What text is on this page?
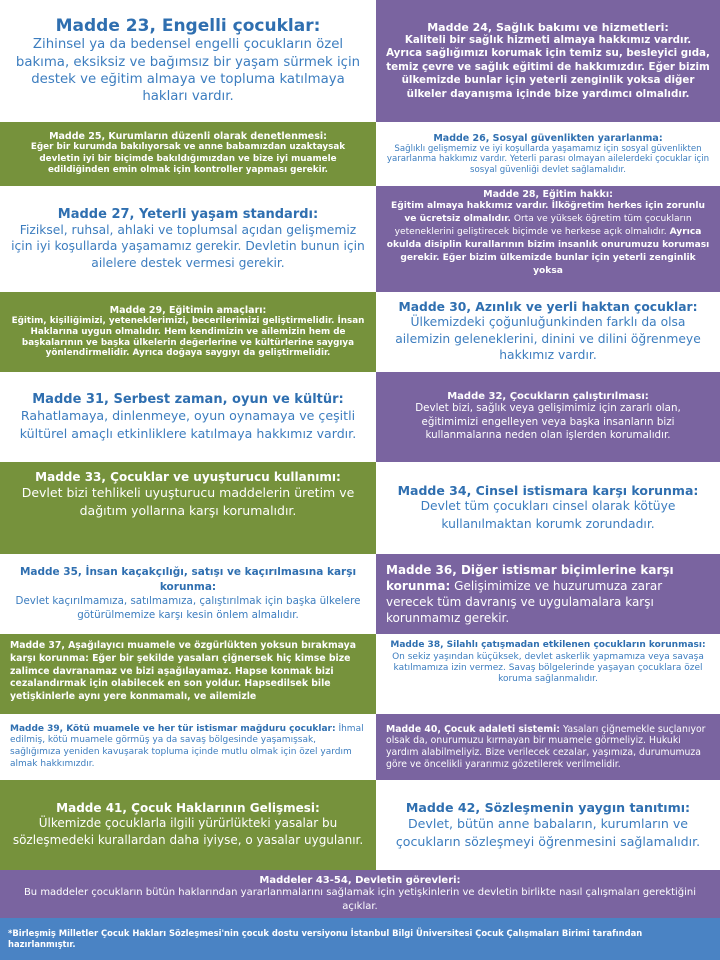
Madde 23, Engelli çocuklar:

Zihinsel ya da bedensel engelli çocukların özel bakıma, eksiksiz ve bağımsız bir yaşam sürmek için destek ve eğitim almaya ve topluma katılmaya hakları vardır.

Madde 24, Sağlık bakımı ve hizmetleri:

Kaliteli bir sağlık hizmeti almaya hakkımız vardır. Ayrıca sağlığımızı korumak için temiz su, besleyici gıda, temiz çevre ve sağlık eğitimi de hakkımızdır. Eğer bizim ülkemizde bunlar için yeterli zenginlik yoksa diğer ülkeler dayanışma içinde bize yardımcı olmalıdır.

Madde 25, Kurumların düzenli olarak denetlenmesi:

Eğer bir kurumda bakılıyorsak ve anne babamızdan uzaktaysak devletin iyi bir biçimde bakıldığımızdan ve bize iyi muamele edildiğinden emin olmak için kontroller yapması gerekir.

Madde 26, Sosyal güvenlikten yararlanma:

Sağlıklı gelişmemiz ve iyi koşullarda yaşamamız için sosyal güvenlikten yararlanma hakkımız vardır. Yeterli parası olmayan ailelerdeki çocuklar için sosyal güvenliği devlet sağlamalıdır.

Madde 27, Yeterli yaşam standardı:

Fiziksel, ruhsal, ahlaki ve toplumsal açıdan gelişmemiz için iyi koşullarda yaşamamız gerekir. Devletin bunun için ailelere destek vermesi gerekir.

Madde 28, Eğitim hakkı:

Eğitim almaya hakkımız vardır. İlköğretim herkes için zorunlu ve ücretsiz olmalıdır. Orta ve yüksek öğretim tüm çocukların yeteneklerini geliştirecek biçimde ve herkese açık olmalıdır. Ayrıca okulda disiplin kurallarının bizim insanlık onurumuzu koruması gerekir. Eğer bizim ülkemizde bunlar için yeterli zenginlik yoksa

Madde 29, Eğitimin amaçları:

Eğitim, kişiliğimizi, yeteneklerimizi, becerilerimizi geliştirmelidir. İnsan Haklarına uygun olmalıdır. Hem kendimizin ve ailemizin hem de başkalarının ve başka ülkelerin değerlerine ve kültürlerine saygıya yönlendirmelidir. Ayrıca doğaya saygıyı da geliştirmelidir.

Madde 30, Azınlık ve yerli haktan çocuklar:

Ülkemizdeki çoğunluğunkinden farklı da olsa ailemizin geleneklerini, dinini ve dilini öğrenmeye hakkımız vardır.

Madde 31, Serbest zaman, oyun ve kültür:

Rahatlamaya, dinlenmeye, oyun oynamaya ve çeşitli kültürel amaçlı etkinliklere katılmaya hakkımız vardır.

Madde 32, Çocukların çalıştırılması:

Devlet bizi, sağlık veya gelişimimiz için zararlı olan, eğitimimizi engelleyen veya başka insanların bizi kullanmalarına neden olan işlerden korumalıdır.

Madde 33, Çocuklar ve uyuşturucu kullanımı:

Devlet bizi tehlikeli uyuşturucu maddelerin üretim ve dağıtım yollarına karşı korumalıdır.

Madde 34, Cinsel istismara karşı korunma:

Devlet tüm çocukları cinsel olarak kötüye kullanılmaktan korumk zorundadır.

Madde 35, İnsan kaçakçılığı, satışı ve kaçırılmasına karşı korunma:

Devlet kaçırılmamıza, satılmamıza, çalıştırılmak için başka ülkelere götürülmemize karşı kesin önlem almalıdır.

Madde 36, Diğer istismar biçimlerine karşı korunma: Gelişimimize ve huzurumuza zarar verecek tüm davranış ve uygulamalara karşı korunmamız gerekir.

Madde 37, Aşağılayıcı muamele ve özgürlükten yoksun bırakmaya karşı korunma: Eğer bir şekilde yasaları çiğnersek hiç kimse bize zalimce davranamaz ve bizi aşağılayamaz. Hapse konmak bizi cezalandırmak için olabilecek en son yoldur. Hapsedilsek bile yetişkinlerle aynı yere konmamalı, ve ailemizle

Madde 38, Silahlı çatışmadan etkilenen çocukların korunması:

On sekiz yaşından küçüksek, devlet askerlik yapmamıza veya savaşa katılmamıza izin vermez. Savaş bölgelerinde yaşayan çocuklara özel koruma sağlanmalıdır.

Madde 39, Kötü muamele ve her tür istismar mağduru çocuklar: İhmal edilmiş, kötü muamele görmüş ya da savaş bölgesinde yaşamışsak, sağlığımıza yeniden kavuşarak topluma içinde mutlu olmak için özel yardım almak hakkımızdır.

Madde 40, Çocuk adaleti sistemi: Yasaları çiğnemekle suçlanıyor olsak da, onurumuzu kırmayan bir muamele görmeliyiz. Hukuki yardım alabilmeliyiz. Bize verilecek cezalar, yaşımıza, durumumuza göre ve öncelikli yararımız gözetilerek verilmelidir.

Madde 41, Çocuk Haklarının Gelişmesi:

Ülkemizde çocuklarla ilgili yürürlükteki yasalar bu sözleşmedeki kurallardan daha iyiyse, o yasalar uygulanır.

Madde 42, Sözleşmenin yaygın tanıtımı:

Devlet, bütün anne babaların, kurumların ve çocukların sözleşmeyi öğrenmesini sağlamalıdır.

Maddeler 43-54, Devletin görevleri:

Bu maddeler çocukların bütün haklarından yararlanmalarını sağlamak için yetişkinlerin ve devletin birlikte nasıl çalışmaları gerektiğini açıklar.

*Birleşmiş Milletler Çocuk Hakları Sözleşmesi'nin çocuk dostu versiyonu İstanbul Bilgi Üniversitesi Çocuk Çalışmaları Birimi tarafından hazırlanmıştır.
